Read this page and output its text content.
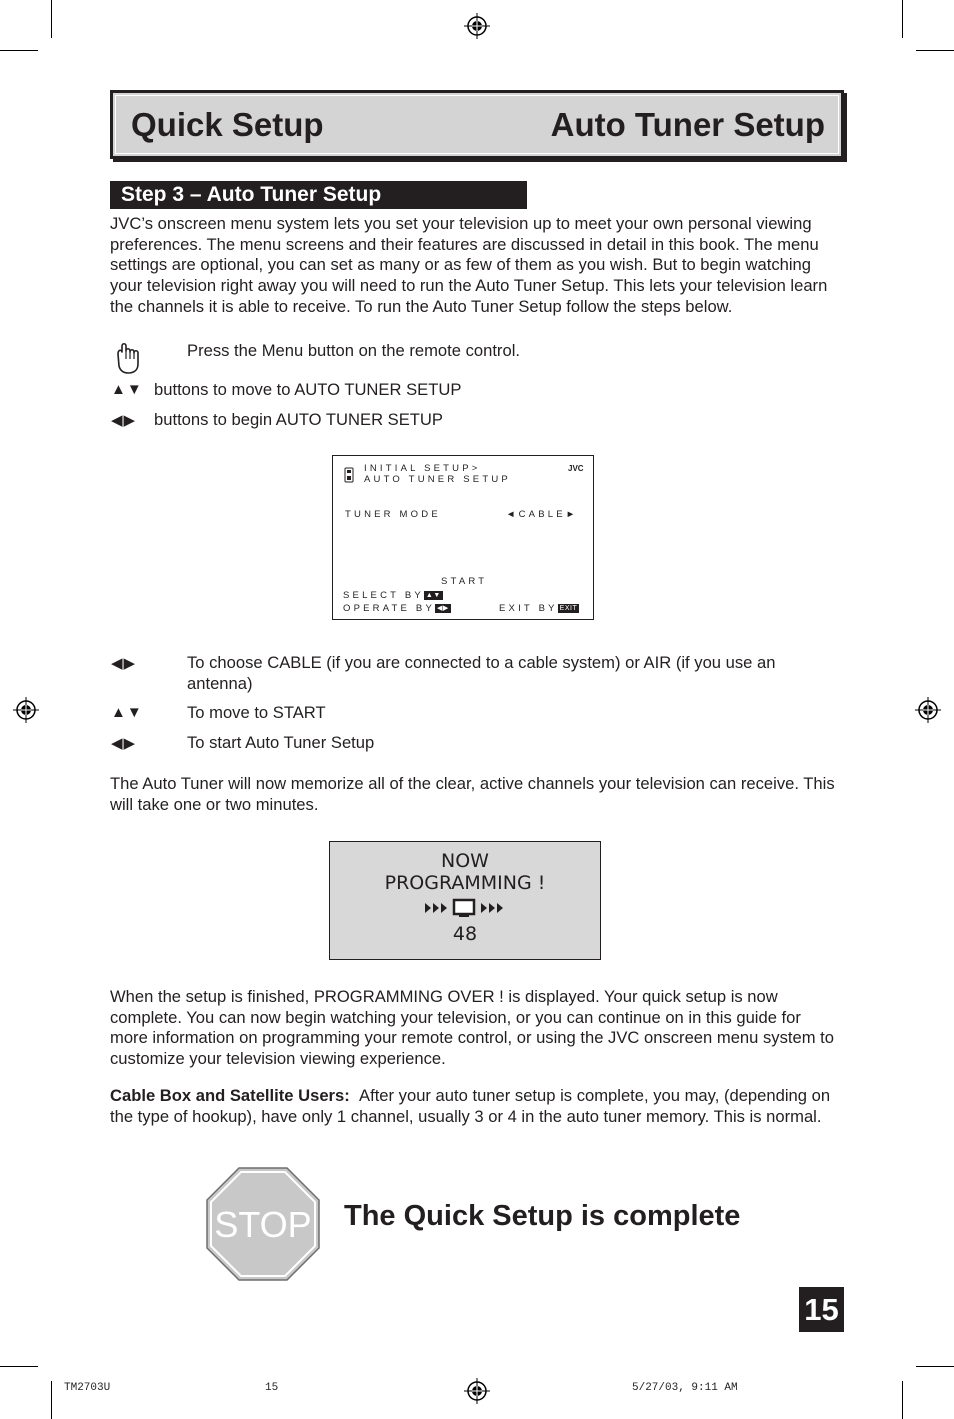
Quick Setup	Auto Tuner Setup
Step 3 – Auto Tuner Setup
JVC’s onscreen menu system lets you set your television up to meet your own personal viewing preferences. The menu screens and their features are discussed in detail in this book. The menu settings are optional, you can set as many or as few of them as you wish. But to begin watching your television right away you will need to run the Auto Tuner Setup. This lets your television learn the channels it is able to receive. To run the Auto Tuner Setup follow the steps below.
Press the Menu button on the remote control.
▲▼ buttons to move to AUTO TUNER SETUP
◀▶ buttons to begin AUTO TUNER SETUP
INITIAL SETUP>
AUTO TUNER SETUP
JVC
TUNER MODE	◄CABLE►
START
SELECT BY ▲▼
OPERATE BY ◀▶	EXIT BY EXIT
◀▶	To choose CABLE (if you are connected to a cable system) or AIR (if you use an antenna)
▲▼	To move to START
◀▶	To start Auto Tuner Setup
The Auto Tuner will now memorize all of the clear, active channels your television can receive. This will take one or two minutes.
NOW
PROGRAMMING !
48
When the setup is finished, PROGRAMMING OVER ! is displayed. Your quick setup is now complete. You can now begin watching your television, or you can continue on in this guide for more information on programming your remote control, or using the JVC onscreen menu system to customize your television viewing experience.
Cable Box and Satellite Users: After your auto tuner setup is complete, you may, (depending on the type of hookup), have only 1 channel, usually 3 or 4 in the auto tuner memory. This is normal.
STOP The Quick Setup is complete
15
TM2703U	15	5/27/03, 9:11 AM
